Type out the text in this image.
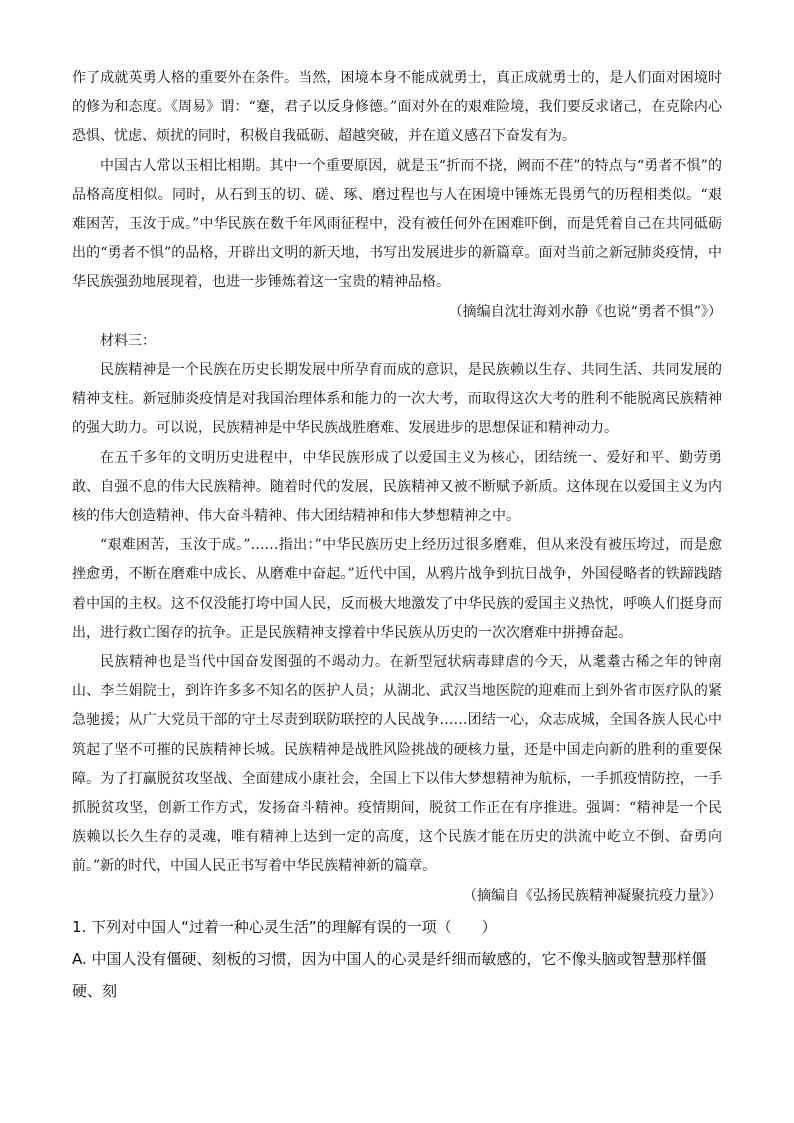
作了成就英勇人格的重要外在条件。当然，困境本身不能成就勇士，真正成就勇士的，是人们面对困境时的修为和态度。《周易》谓：“蹇，君子以反身修德。”面对外在的艰难险境，我们要反求诸己，在克除内心恐惧、忧虑、烦扰的同时，积极自我砥砺、超越突破，并在道义感召下奋发有为。

中国古人常以玉相比相期。其中一个重要原因，就是玉“折而不挠，阙而不荏”的特点与“勇者不惧”的品格高度相似。同时，从石到玉的切、磋、琢、磨过程也与人在困境中锤炼无畏勇气的历程相类似。“艰难困苦，玉汝于成。”中华民族在数千年风雨征程中，没有被任何外在困难吓倒，而是凭着自己在共同砥砺出的“勇者不惧”的品格，开辟出文明的新天地，书写出发展进步的新篇章。面对当前之新冠肺炎疫情，中华民族强劲地展现着，也进一步锤炼着这一宝贵的精神品格。

（摘编自沈壮海刘水静《也说“勇者不惧”》）

材料三：

民族精神是一个民族在历史长期发展中所孕育而成的意识，是民族赖以生存、共同生活、共同发展的精神支柱。新冠肺炎疫情是对我国治理体系和能力的一次大考，而取得这次大考的胜利不能脱离民族精神的强大助力。可以说，民族精神是中华民族战胜磨难、发展进步的思想保证和精神动力。

在五千多年的文明历史进程中，中华民族形成了以爱国主义为核心，团结统一、爱好和平、勤劳勇敢、自强不息的伟大民族精神。随着时代的发展，民族精神又被不断赋予新质。这体现在以爱国主义为内核的伟大创造精神、伟大奋斗精神、伟大团结精神和伟大梦想精神之中。

“艰难困苦，玉汝于成。”……指出：”中华民族历史上经历过很多磨难，但从来没有被压垮过，而是愈挫愈勇，不断在磨难中成长、从磨难中奋起。”近代中国，从鸦片战争到抗日战争，外国侵略者的铁蹄践踏着中国的主权。这不仅没能打垮中国人民，反而极大地激发了中华民族的爱国主义热忱，呼唤人们挺身而出，进行救亡图存的抗争。正是民族精神支撑着中华民族从历史的一次次磨难中拼搏奋起。

民族精神也是当代中国奋发图强的不竭动力。在新型冠状病毒肆虐的今天，从耄耋古稀之年的钟南山、李兰娟院士，到许许多多不知名的医护人员；从湖北、武汉当地医院的迎难而上到外省市医疗队的紧急驰援；从广大党员干部的守土尽责到联防联控的人民战争……团结一心，众志成城，全国各族人民心中筑起了坚不可摧的民族精神长城。民族精神是战胜风险挑战的硬核力量，还是中国走向新的胜利的重要保障。为了打赢脱贫攻坚战、全面建成小康社会，全国上下以伟大梦想精神为航标，一手抓疫情防控，一手抓脱贫攻坚，创新工作方式，发扬奋斗精神。疫情期间，脱贫工作正在有序推进。强调：“精神是一个民族赖以长久生存的灵魂，唯有精神上达到一定的高度，这个民族才能在历史的洪流中屹立不倒、奋勇向前。”新的时代，中国人民正书写着中华民族精神新的篇章。

（摘编自《弘扬民族精神凝聚抗疫力量》）

1. 下列对中国人“过着一种心灵生活”的理解有误的一项（　　）

A. 中国人没有僵硬、刻板的习惯，因为中国人的心灵是纤细而敏感的，它不像头脑或智慧那样僵硬、刻
